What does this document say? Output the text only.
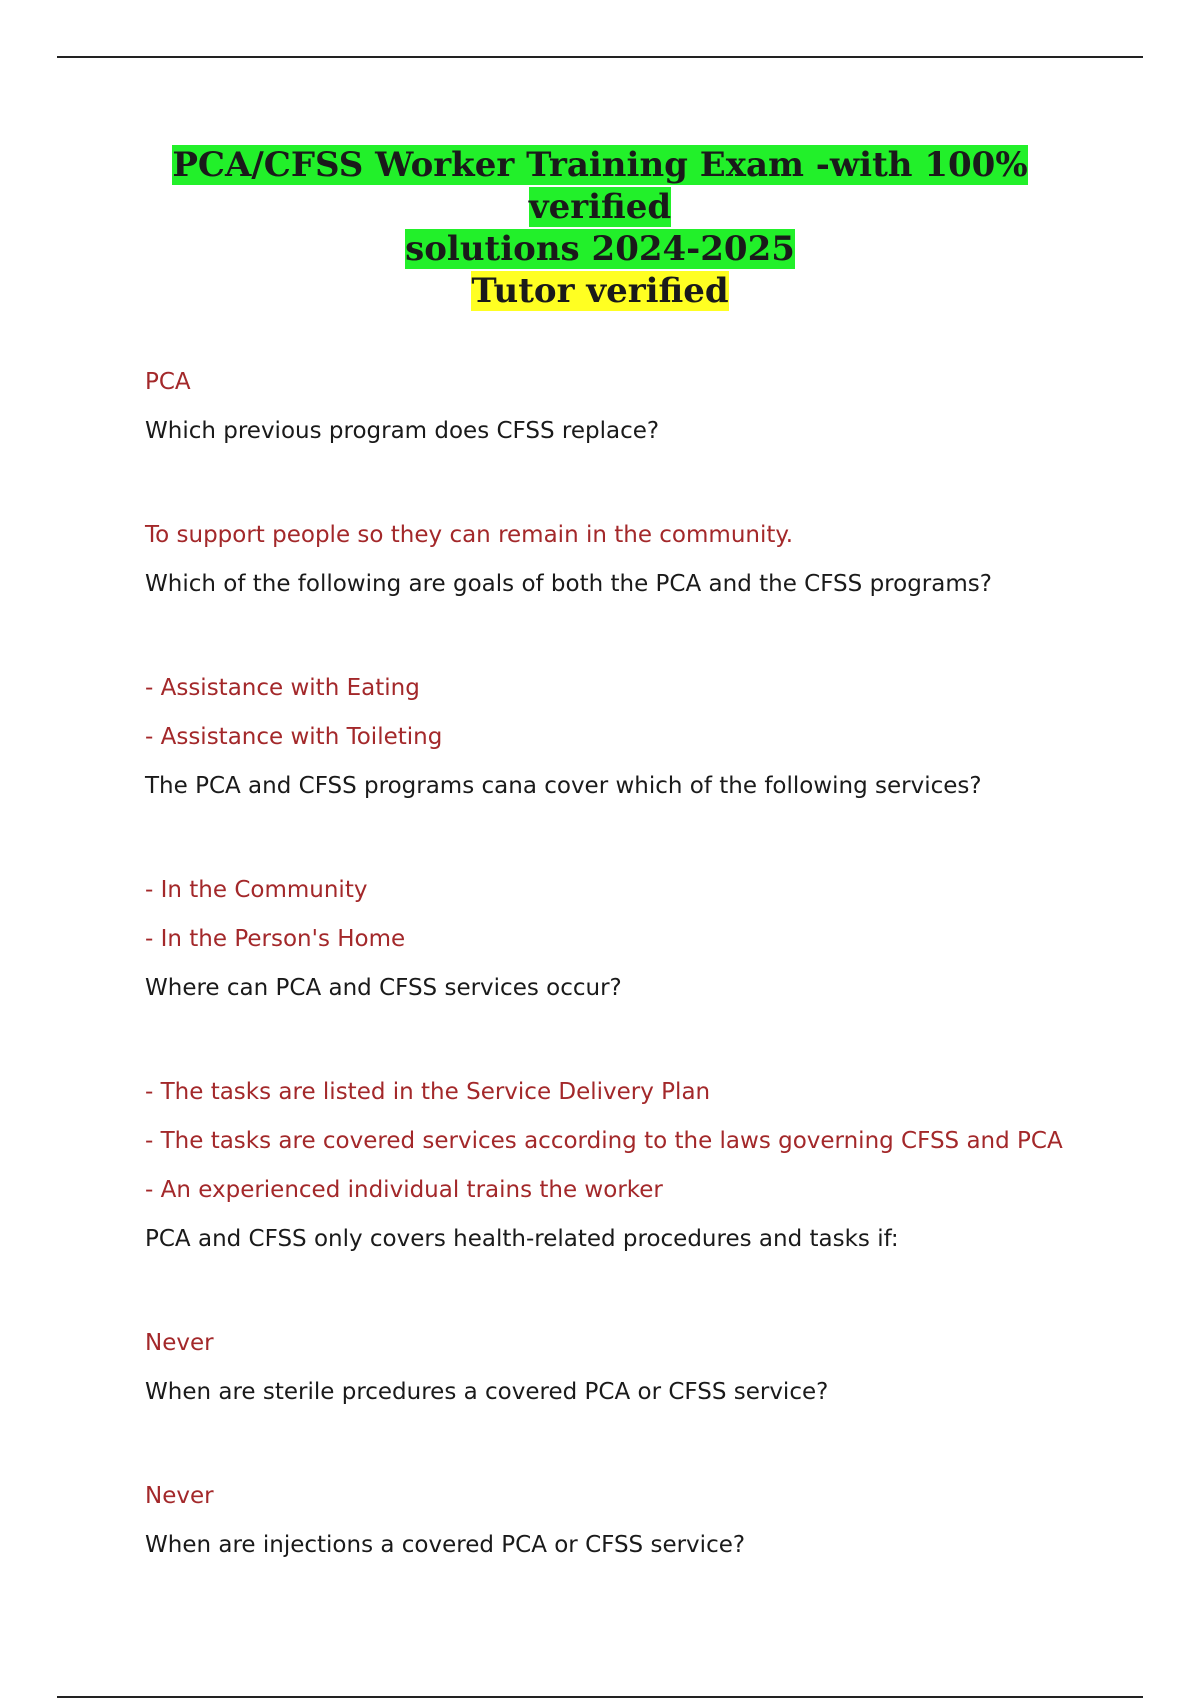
PCA/CFSS Worker Training Exam -with 100% verified
solutions 2024-2025
Tutor verified

PCA

Which previous program does CFSS replace?

To support people so they can remain in the community.

Which of the following are goals of both the PCA and the CFSS programs?

- Assistance with Eating

- Assistance with Toileting

The PCA and CFSS programs cana cover which of the following services?

- In the Community

- In the Person's Home

Where can PCA and CFSS services occur?

- The tasks are listed in the Service Delivery Plan

- The tasks are covered services according to the laws governing CFSS and PCA

- An experienced individual trains the worker

PCA and CFSS only covers health-related procedures and tasks if:

Never

When are sterile prcedures a covered PCA or CFSS service?

Never

When are injections a covered PCA or CFSS service?
